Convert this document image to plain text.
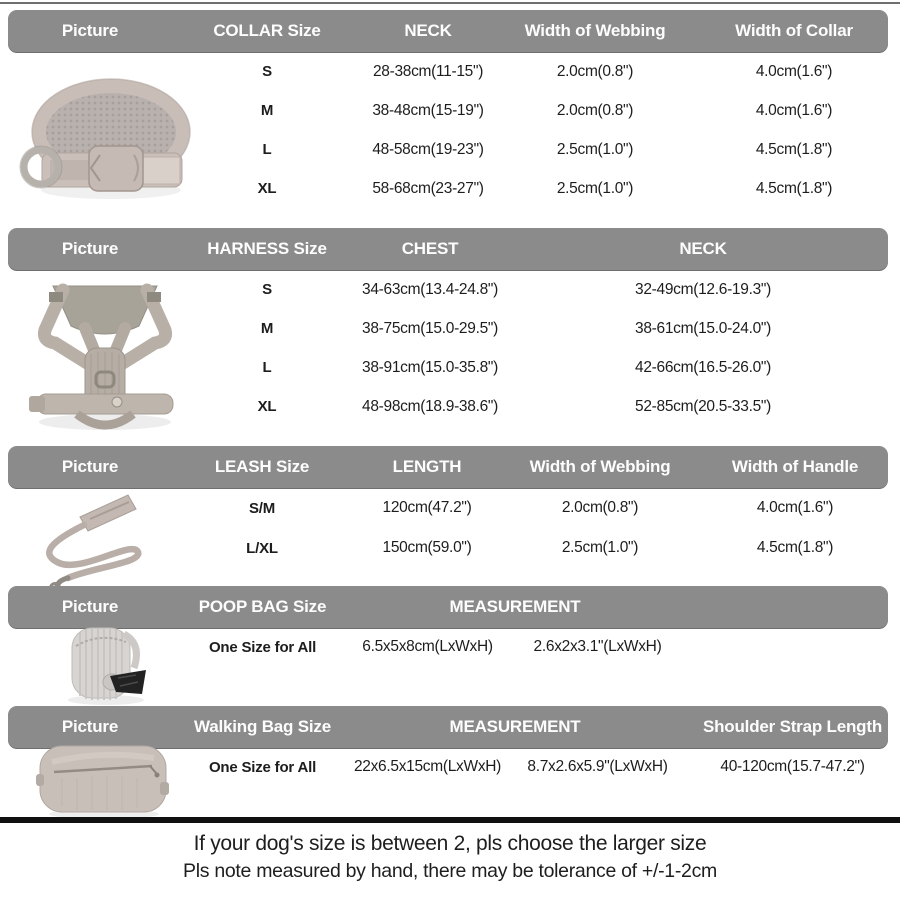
Picture	COLLAR Size	NECK	Width of Webbing	Width of Collar
S	28-38cm(11-15")	2.0cm(0.8")	4.0cm(1.6")
M	38-48cm(15-19")	2.0cm(0.8")	4.0cm(1.6")
L	48-58cm(19-23")	2.5cm(1.0")	4.5cm(1.8")
XL	58-68cm(23-27")	2.5cm(1.0")	4.5cm(1.8")
Picture	HARNESS Size	CHEST	NECK
S	34-63cm(13.4-24.8")	32-49cm(12.6-19.3")
M	38-75cm(15.0-29.5")	38-61cm(15.0-24.0")
L	38-91cm(15.0-35.8")	42-66cm(16.5-26.0")
XL	48-98cm(18.9-38.6")	52-85cm(20.5-33.5")
Picture	LEASH Size	LENGTH	Width of Webbing	Width of Handle
S/M	120cm(47.2")	2.0cm(0.8")	4.0cm(1.6")
L/XL	150cm(59.0")	2.5cm(1.0")	4.5cm(1.8")
Picture	POOP BAG Size	MEASUREMENT
One Size for All	6.5x5x8cm(LxWxH)	2.6x2x3.1"(LxWxH)
Picture	Walking Bag Size	MEASUREMENT	Shoulder Strap Length
One Size for All	22x6.5x15cm(LxWxH)	8.7x2.6x5.9"(LxWxH)	40-120cm(15.7-47.2")
If your dog's size is between 2, pls choose the larger size
Pls note measured by hand, there may be tolerance of +/-1-2cm
